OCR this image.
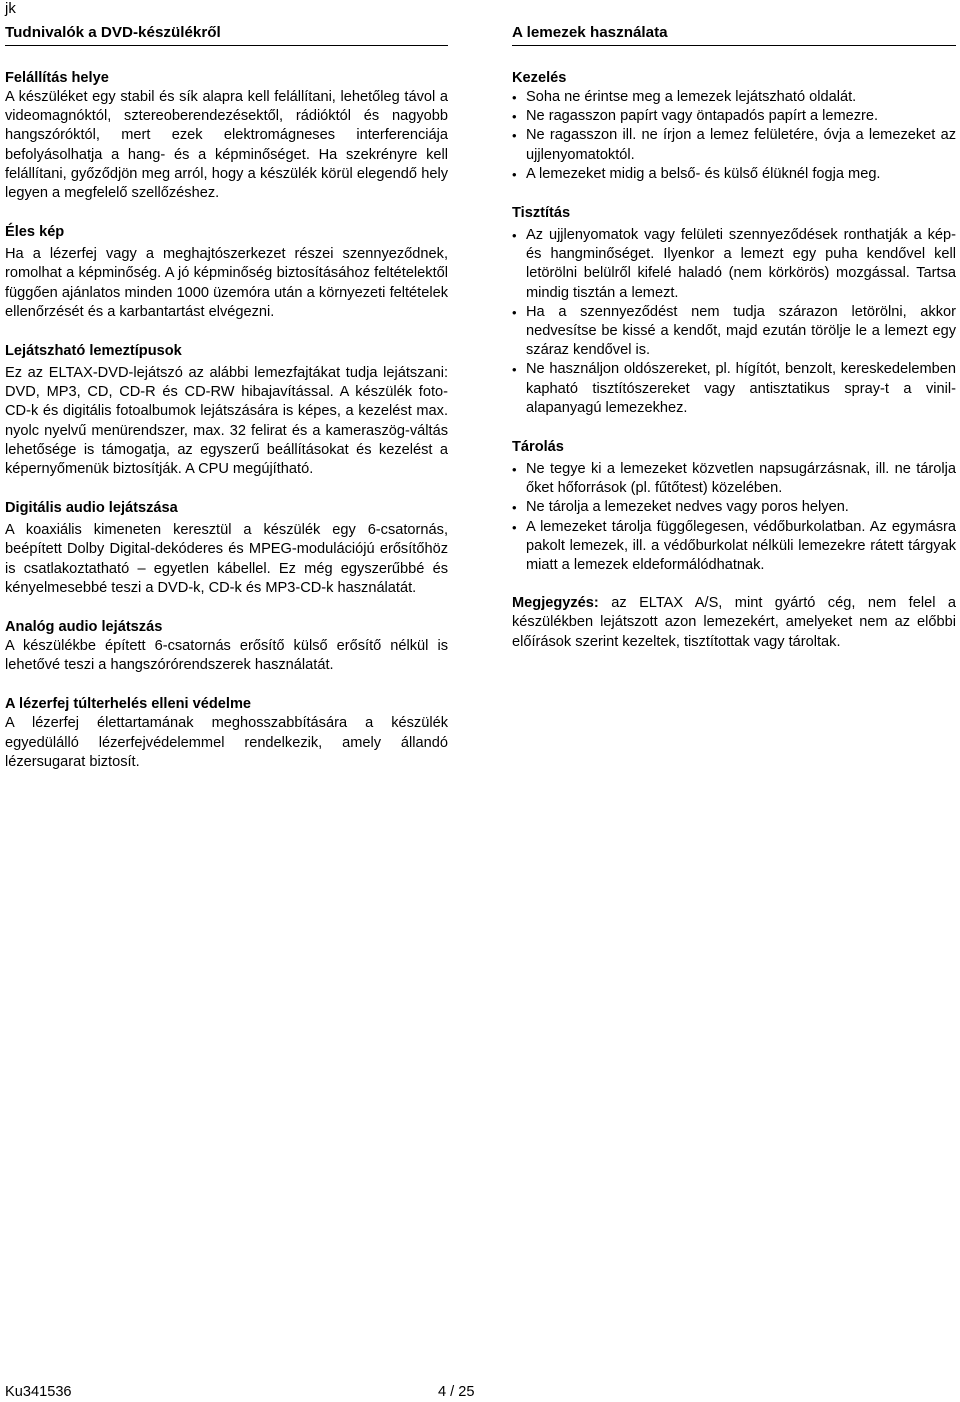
jk
Tudnivalók a DVD-készülékről
Felállítás helye

A készüléket egy stabil és sík alapra kell felállítani, lehetőleg távol a videomagnóktól, sztereoberendezésektől, rádióktól és nagyobb hangszóróktól, mert ezek elektromágneses interferenciája befolyásolhatja a hang- és a képminőséget. Ha szekrényre kell felállítani, győződjön meg arról, hogy a készülék körül elegendő hely legyen a megfelelő szellőzéshez.

Éles kép

Ha a lézerfej vagy a meghajtószerkezet részei szennyeződnek, romolhat a képminőség. A jó képminőség biztosításához feltételektől függően ajánlatos minden 1000 üzemóra után a környezeti feltételek ellenőrzését és a karbantartást elvégezni.

Lejátszható lemeztípusok

Ez az ELTAX-DVD-lejátszó az alábbi lemezfajtákat tudja lejátszani: DVD, MP3, CD, CD-R és CD-RW hibajavítással. A készülék foto-CD-k és digitális fotoalbumok lejátszására is képes, a kezelést max. nyolc nyelvű menürendszer, max. 32 felirat és a kameraszög-váltás lehetősége is támogatja, az egyszerű beállításokat és kezelést a képernyőmenük biztosítják. A CPU megújítható.

Digitális audio lejátszása

A koaxiális kimeneten keresztül a készülék egy 6-csatornás, beépített Dolby Digital-dekóderes és MPEG-modulációjú erősítőhöz is csatlakoztatható – egyetlen kábellel. Ez még egyszerűbbé és kényelmesebbé teszi a DVD-k, CD-k és MP3-CD-k használatát.

Analóg audio lejátszás

A készülékbe épített 6-csatornás erősítő külső erősítő nélkül is lehetővé teszi a hangszórórendszerek használatát.

A lézerfej túlterhelés elleni védelme

A lézerfej élettartamának meghosszabbítására a készülék egyedülálló lézerfejvédelemmel rendelkezik, amely állandó lézersugarat biztosít.

A lemezek használata
Kezelés
• Soha ne érintse meg a lemezek lejátszható oldalát.
• Ne ragasszon papírt vagy öntapadós papírt a lemezre.
• Ne ragasszon ill. ne írjon a lemez felületére, óvja a lemezeket az ujjlenyomatoktól.
• A lemezeket midig a belső- és külső élüknél fogja meg.
Tisztítás
• Az ujjlenyomatok vagy felületi szennyeződések ronthatják a kép- és hangminőséget. Ilyenkor a lemezt egy puha kendővel kell letörölni belülről kifelé haladó (nem körkörös) mozgással. Tartsa mindig tisztán a lemezt.
• Ha a szennyeződést nem tudja szárazon letörölni, akkor nedvesítse be kissé a kendőt, majd ezután törölje le a lemezt egy száraz kendővel is.
• Ne használjon oldószereket, pl. hígítót, benzolt, kereskedelemben kapható tisztítószereket vagy antisztatikus spray-t a vinil-alapanyagú lemezekhez.
Tárolás
• Ne tegye ki a lemezeket közvetlen napsugárzásnak, ill. ne tárolja őket hőforrások (pl. fűtőtest) közelében.
• Ne tárolja a lemezeket nedves vagy poros helyen.
• A lemezeket tárolja függőlegesen, védőburkolatban. Az egymásra pakolt lemezek, ill. a védőburkolat nélküli lemezekre rátett tárgyak miatt a lemezek eldeformálódhatnak.

Megjegyzés: az ELTAX A/S, mint gyártó cég, nem felel a készülékben lejátszott azon lemezekért, amelyeket nem az előbbi előírások szerint kezeltek, tisztítottak vagy tároltak.

Ku341536	4 / 25
